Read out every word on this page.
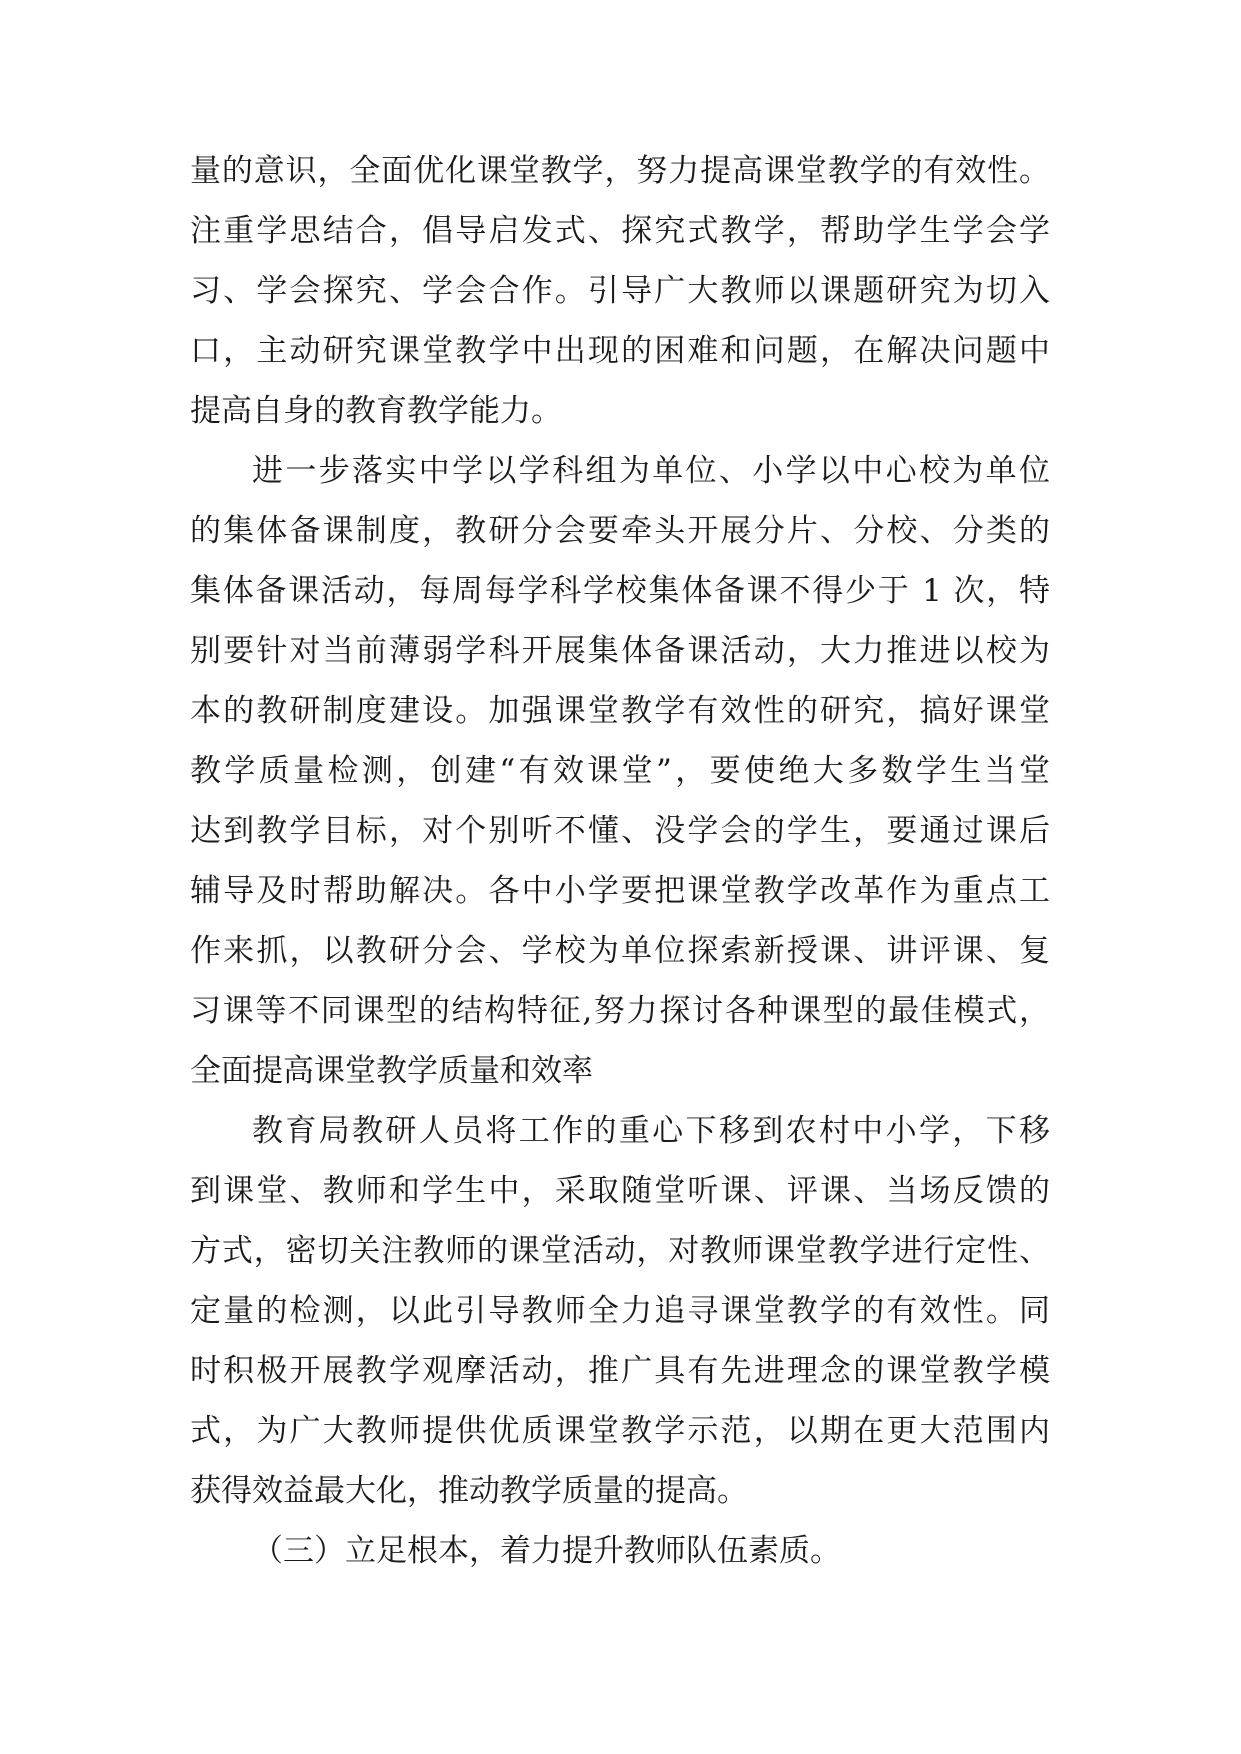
量的意识，全面优化课堂教学，努力提高课堂教学的有效性。
注重学思结合，倡导启发式、探究式教学，帮助学生学会学
习、学会探究、学会合作。引导广大教师以课题研究为切入
口，主动研究课堂教学中出现的困难和问题，在解决问题中
提高自身的教育教学能力。
进一步落实中学以学科组为单位、小学以中心校为单位
的集体备课制度，教研分会要牵头开展分片、分校、分类的
集体备课活动，每周每学科学校集体备课不得少于 1 次，特
别要针对当前薄弱学科开展集体备课活动，大力推进以校为
本的教研制度建设。加强课堂教学有效性的研究，搞好课堂
教学质量检测，创建“有效课堂”，要使绝大多数学生当堂
达到教学目标，对个别听不懂、没学会的学生，要通过课后
辅导及时帮助解决。各中小学要把课堂教学改革作为重点工
作来抓，以教研分会、学校为单位探索新授课、讲评课、复
习课等不同课型的结构特征,努力探讨各种课型的最佳模式，
全面提高课堂教学质量和效率
教育局教研人员将工作的重心下移到农村中小学，下移
到课堂、教师和学生中，采取随堂听课、评课、当场反馈的
方式，密切关注教师的课堂活动，对教师课堂教学进行定性、
定量的检测，以此引导教师全力追寻课堂教学的有效性。同
时积极开展教学观摩活动，推广具有先进理念的课堂教学模
式，为广大教师提供优质课堂教学示范，以期在更大范围内
获得效益最大化，推动教学质量的提高。
（三）立足根本，着力提升教师队伍素质。
